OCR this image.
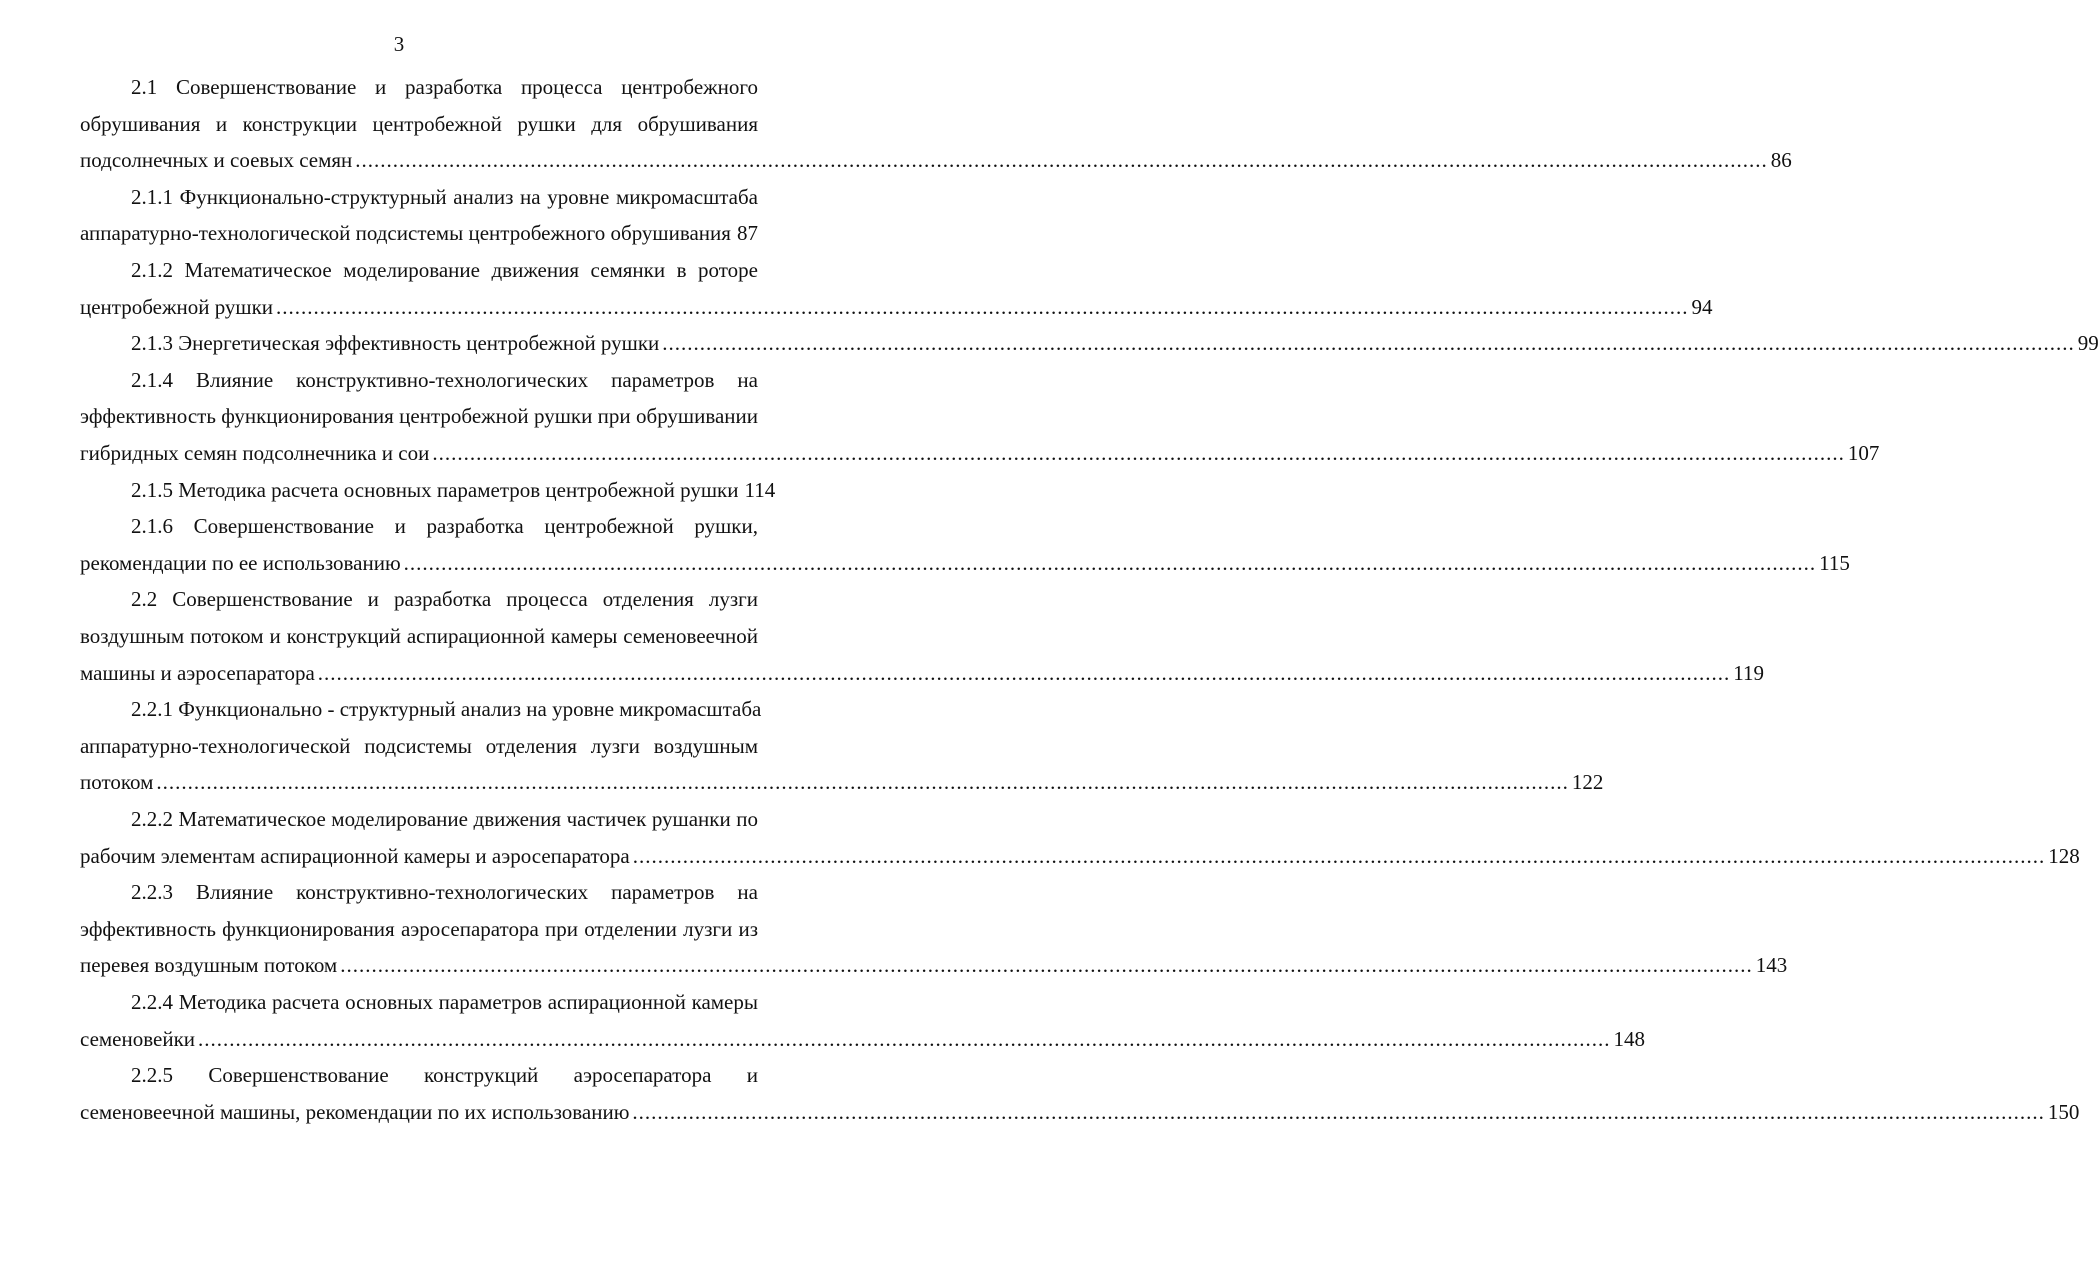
3
2.1 Совершенствование и разработка процесса центробежного
обрушивания и конструкции центробежной рушки для обрушивания
подсолнечных и соевых семян .....	86
2.1.1 Функционально-структурный анализ на уровне микромасштаба
аппаратурно-технологической подсистемы центробежного обрушивания ..... 87
2.1.2 Математическое моделирование движения семянки в роторе
центробежной рушки .....	94
2.1.3 Энергетическая эффективность центробежной рушки .....	99
2.1.4 Влияние конструктивно-технологических параметров на
эффективность функционирования центробежной рушки при обрушивании
гибридных семян подсолнечника и сои .....	107
2.1.5 Методика расчета основных параметров центробежной рушки 114
2.1.6 Совершенствование и разработка центробежной рушки,
рекомендации по ее использованию .....	115
2.2 Совершенствование и разработка процесса отделения лузги
воздушным потоком и конструкций аспирационной камеры семеновеечной
машины и аэросепаратора .....	119
2.2.1 Функционально - структурный анализ на уровне микромасштаба
аппаратурно-технологической подсистемы отделения лузги воздушным
потоком .....	122
2.2.2 Математическое моделирование движения частичек рушанки по
рабочим элементам аспирационной камеры и аэросепаратора .....	128
2.2.3 Влияние конструктивно-технологических параметров на
эффективность функционирования аэросепаратора при отделении лузги из
перевея воздушным потоком .....	143
2.2.4 Методика расчета основных параметров аспирационной камеры
семеновейки .....	148
2.2.5 Совершенствование конструкций аэросепаратора и
семеновеечной машины, рекомендации по их использованию .....	150
